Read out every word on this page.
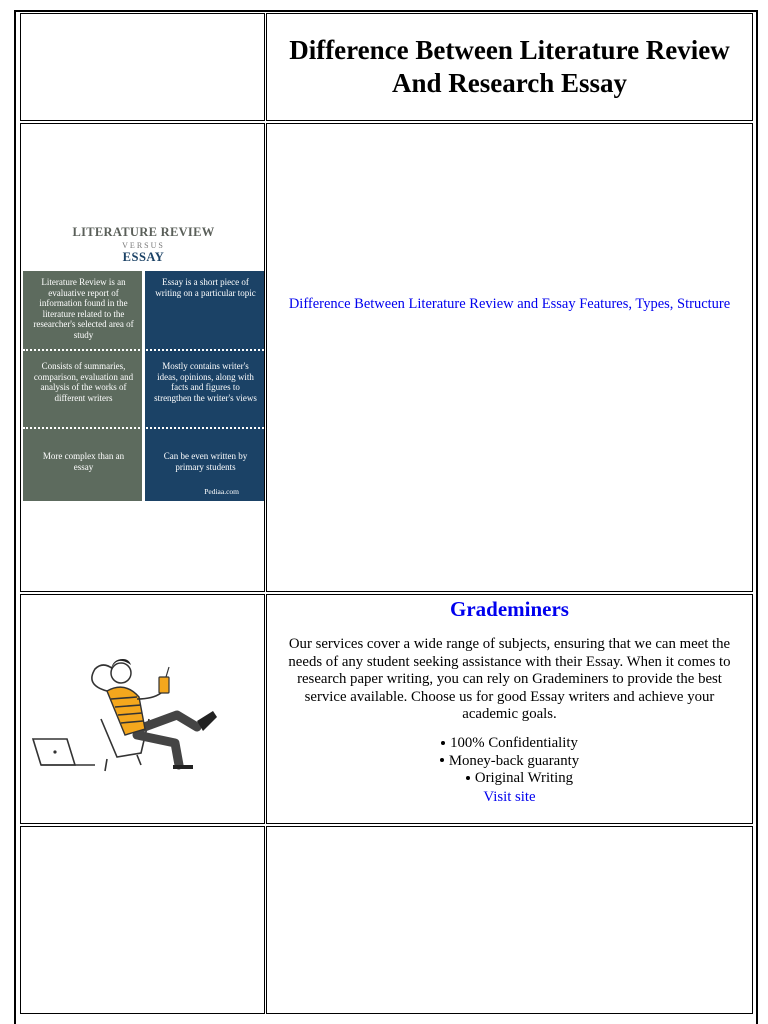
Difference Between Literature Review And Research Essay
LITERATURE REVIEW
VERSUS
ESSAY
Literature Review is an evaluative report of information found in the literature related to the researcher's selected area of study
Essay is a short piece of writing on a particular topic
Consists of summaries, comparison, evaluation and analysis of the works of different writers
Mostly contains writer's ideas, opinions, along with facts and figures to strengthen the writer's views
More complex than an essay
Can be even written by primary students
Pediaa.com
Difference Between Literature Review and Essay Features, Types, Structure
Grademiners
Our services cover a wide range of subjects, ensuring that we can meet the needs of any student seeking assistance with their Essay. When it comes to research paper writing, you can rely on Grademiners to provide the best service available. Choose us for good Essay writers and achieve your academic goals.
100% Confidentiality
Money-back guaranty
Original Writing
Visit site
